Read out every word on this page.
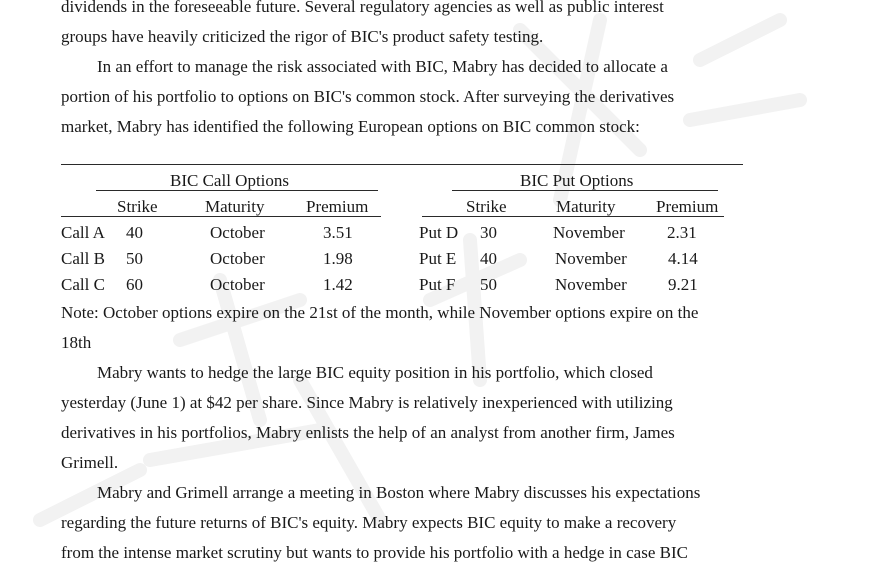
dividends in the foreseeable future. Several regulatory agencies as well as public interest
groups have heavily criticized the rigor of BIC's product safety testing.
In an effort to manage the risk associated with BIC, Mabry has decided to allocate a
portion of his portfolio to options on BIC's common stock. After surveying the derivatives
market, Mabry has identified the following European options on BIC common stock:
BIC Call Options	BIC Put Options
Strike	Maturity Premium	Strike	Maturity Premium
Call A 40	October	3.51	Put D 30	November 2.31
Call B 50	October	1.98	Put E 40	November 4.14
Call C 60	October	1.42	Put F 50	November 9.21
Note: October options expire on the 21st of the month, while November options expire on the
18th
Mabry wants to hedge the large BIC equity position in his portfolio, which closed
yesterday (June 1) at $42 per share. Since Mabry is relatively inexperienced with utilizing
derivatives in his portfolios, Mabry enlists the help of an analyst from another firm, James
Grimell.
Mabry and Grimell arrange a meeting in Boston where Mabry discusses his expectations
regarding the future returns of BIC's equity. Mabry expects BIC equity to make a recovery
from the intense market scrutiny but wants to provide his portfolio with a hedge in case BIC
